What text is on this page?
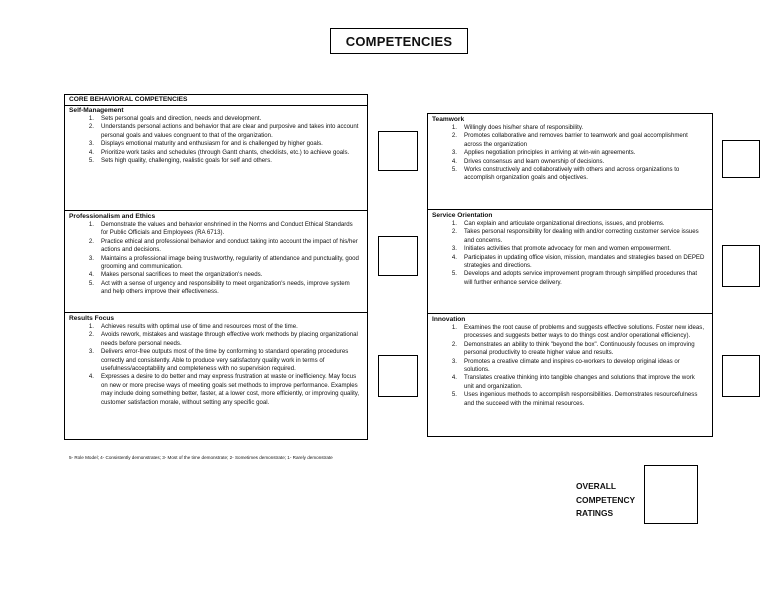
COMPETENCIES
CORE BEHAVIORAL COMPETENCIES
Self-Management
1.	Sets personal goals and direction, needs and development.
2.	Understands personal actions and behavior that are clear and purposive and takes into account personal goals and values congruent to that of the organization.
3.	Displays emotional maturity and enthusiasm for and is challenged by higher goals.
4.	Prioritize work tasks and schedules (through Gantt chants, checklists, etc.) to achieve goals.
5.	Sets high quality, challenging, realistic goals for self and others.
Professionalism and Ethics
1.	Demonstrate the values and behavior enshrined in the Norms and Conduct Ethical Standards for Public Officials and Employees (RA 6713).
2.	Practice ethical and professional behavior and conduct taking into account the impact of his/her actions and decisions.
3.	Maintains a professional image being trustworthy, regularity of attendance and punctuality, good grooming and communication.
4.	Makes personal sacrifices to meet the organization's needs.
5.	Act with a sense of urgency and responsibility to meet organization's needs, improve system and help others improve their effectiveness.
Results Focus
1.	Achieves results with optimal use of time and resources most of the time.
2.	Avoids rework, mistakes and wastage through effective work methods by placing organizational needs before personal needs.
3.	Delivers error-free outputs most of the time by conforming to standard operating procedures correctly and consistently. Able to produce very satisfactory quality work in terms of usefulness/acceptability and completeness with no supervision required.
4.	Expresses a desire to do better and may express frustration at waste or inefficiency. May focus on new or more precise ways of meeting goals set methods to improve performance. Examples may include doing something better, faster, at a lower cost, more efficiently, or improving quality, customer satisfaction morale, without setting any specific goal.
Teamwork
1.	Willingly does his/her share of responsibility.
2.	Promotes collaborative and removes barrier to teamwork and goal accomplishment across the organization
3.	Applies negotiation principles in arriving at win-win agreements.
4.	Drives consensus and learn ownership of decisions.
5.	Works constructively and collaboratively with others and across organizations to accomplish organization goals and objectives.
Service Orientation
1.	Can explain and articulate organizational directions, issues, and problems.
2.	Takes personal responsibility for dealing with and/or correcting customer service issues and concerns.
3.	Initiates activities that promote advocacy for men and women empowerment.
4.	Participates in updating office vision, mission, mandates and strategies based on DEPED strategies and directions.
5.	Develops and adopts service improvement program through simplified procedures that will further enhance service delivery.
Innovation
1.	Examines the root cause of problems and suggests effective solutions. Foster new ideas, processes and suggests better ways to do things cost and/or operational efficiency).
2.	Demonstrates an ability to think "beyond the box". Continuously focuses on improving personal productivity to create higher value and results.
3.	Promotes a creative climate and inspires co-workers to develop original ideas or solutions.
4.	Translates creative thinking into tangible changes and solutions that improve the work unit and organization.
5.	Uses ingenious methods to accomplish responsibilities. Demonstrates resourcefulness and the succeed with the minimal resources.
5- Role Model; 4- Consistently demonstrates; 3- Most of the time demonstrate; 2- Sometimes demonstrate; 1- Rarely demonstrate
OVERALL
COMPETENCY
RATINGS
